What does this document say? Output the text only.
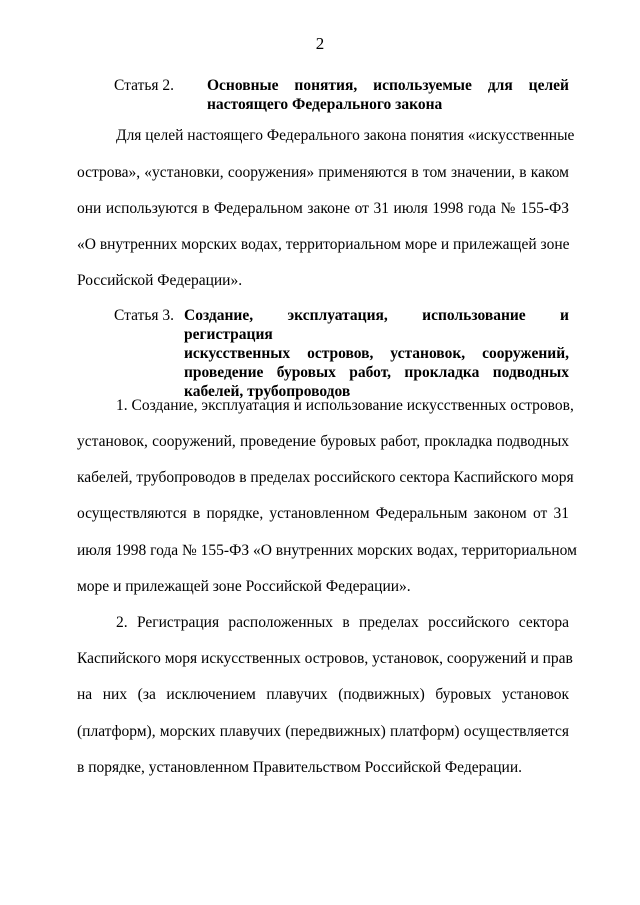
2
Статья 2. Основные понятия, используемые для целей
настоящего Федерального закона
Для целей настоящего Федерального закона понятия «искусственные
острова», «установки, сооружения» применяются в том значении, в каком
они используются в Федеральном законе от 31 июля 1998 года № 155-ФЗ
«О внутренних морских водах, территориальном море и прилежащей зоне
Российской Федерации».
Статья 3. Создание, эксплуатация, использование и регистрация
искусственных островов, установок, сооружений,
проведение буровых работ, прокладка подводных
кабелей, трубопроводов
1. Создание, эксплуатация и использование искусственных островов,
установок, сооружений, проведение буровых работ, прокладка подводных
кабелей, трубопроводов в пределах российского сектора Каспийского моря
осуществляются в порядке, установленном Федеральным законом от 31
июля 1998 года № 155-ФЗ «О внутренних морских водах, территориальном
море и прилежащей зоне Российской Федерации».
2. Регистрация расположенных в пределах российского сектора
Каспийского моря искусственных островов, установок, сооружений и прав
на них (за исключением плавучих (подвижных) буровых установок
(платформ), морских плавучих (передвижных) платформ) осуществляется
в порядке, установленном Правительством Российской Федерации.
